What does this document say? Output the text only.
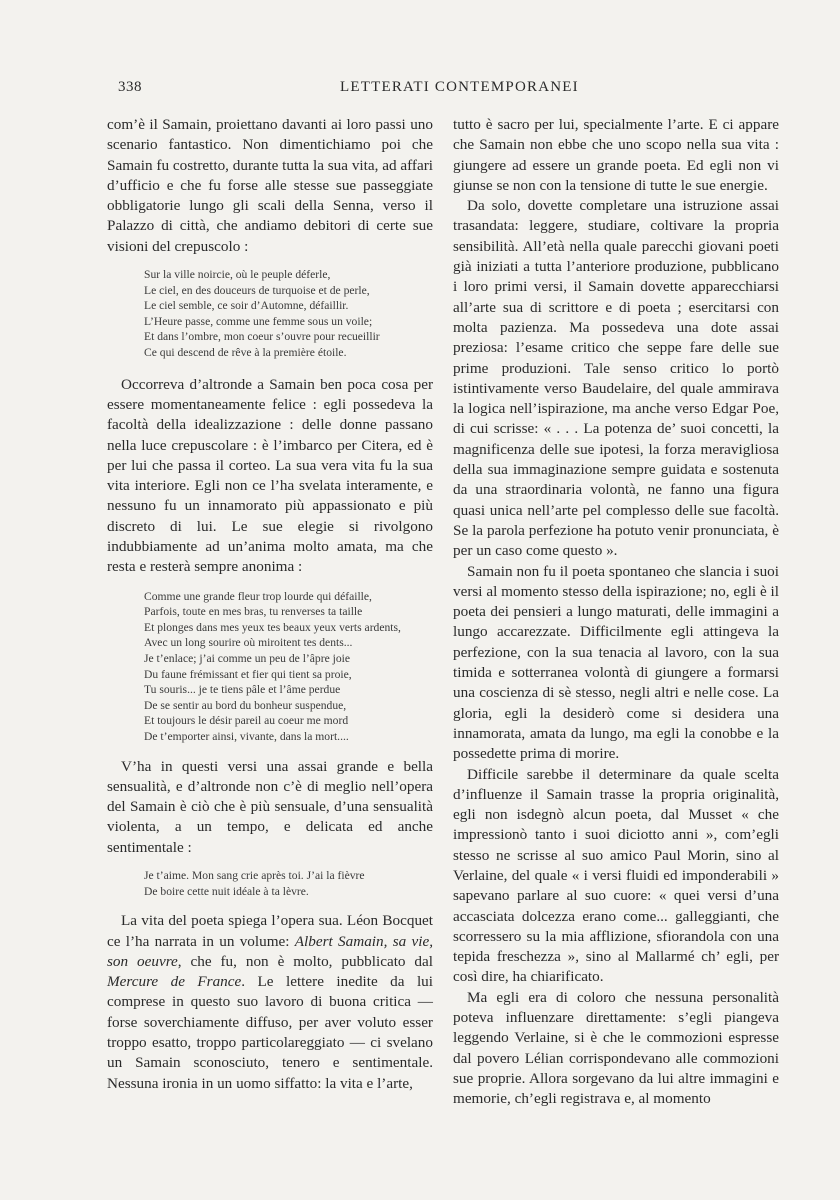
338	LETTERATI CONTEMPORANEI

com’è il Samain, proiettano davanti ai loro passi uno scenario fantastico. Non dimentichiamo poi che Samain fu costretto, durante tutta la sua vita, ad affari d’ufficio e che fu forse alle stesse sue passeggiate obbligatorie lungo gli scali della Senna, verso il Palazzo di città, che andiamo debitori di certe sue visioni del crepuscolo :

Sur la ville noircie, où le peuple déferle,
Le ciel, en des douceurs de turquoise et de perle,
Le ciel semble, ce soir d’Automne, défaillir.
L’Heure passe, comme une femme sous un voile;
Et dans l’ombre, mon coeur s’ouvre pour recueillir
Ce qui descend de rêve à la première étoile.

Occorreva d’altronde a Samain ben poca cosa per essere momentaneamente felice : egli possedeva la facoltà della idealizzazione : delle donne passano nella luce crepuscolare : è l’imbarco per Citera, ed è per lui che passa il corteo. La sua vera vita fu la sua vita interiore. Egli non ce l’ha svelata interamente, e nessuno fu un innamorato più appassionato e più discreto di lui. Le sue elegie si rivolgono indubbiamente ad un’anima molto amata, ma che resta e resterà sempre anonima :

Comme une grande fleur trop lourde qui défaille,
Parfois, toute en mes bras, tu renverses ta taille
Et plonges dans mes yeux tes beaux yeux verts ardents,
Avec un long sourire où miroitent tes dents...
Je t’enlace; j’ai comme un peu de l’âpre joie
Du faune frémissant et fier qui tient sa proie,
Tu souris... je te tiens pâle et l’âme perdue
De se sentir au bord du bonheur suspendue,
Et toujours le désir pareil au coeur me mord
De t’emporter ainsi, vivante, dans la mort....

V’ha in questi versi una assai grande e bella sensualità, e d’altronde non c’è di meglio nell’opera del Samain è ciò che è più sensuale, d’una sensualità violenta, a un tempo, e delicata ed anche sentimentale :

Je t’aime. Mon sang crie après toi. J’ai la fièvre
De boire cette nuit idéale à ta lèvre.

La vita del poeta spiega l’opera sua. Léon Bocquet ce l’ha narrata in un volume: Albert Samain, sa vie, son oeuvre, che fu, non è molto, pubblicato dal Mercure de France. Le lettere inedite da lui comprese in questo suo lavoro di buona critica — forse soverchiamente diffuso, per aver voluto esser troppo esatto, troppo particolareggiato — ci svelano un Samain sconosciuto, tenero e sentimentale. Nessuna ironia in un uomo siffatto: la vita e l’arte,

tutto è sacro per lui, specialmente l’arte. E ci appare che Samain non ebbe che uno scopo nella sua vita : giungere ad essere un grande poeta. Ed egli non vi giunse se non con la tensione di tutte le sue energie.

Da solo, dovette completare una istruzione assai trasandata: leggere, studiare, coltivare la propria sensibilità. All’età nella quale parecchi giovani poeti già iniziati a tutta l’anteriore produzione, pubblicano i loro primi versi, il Samain dovette apparecchiarsi all’arte sua di scrittore e di poeta ; esercitarsi con molta pazienza. Ma possedeva una dote assai preziosa: l’esame critico che seppe fare delle sue prime produzioni. Tale senso critico lo portò istintivamente verso Baudelaire, del quale ammirava la logica nell’ispirazione, ma anche verso Edgar Poe, di cui scrisse: « . . . La potenza de’ suoi concetti, la magnificenza delle sue ipotesi, la forza meravigliosa della sua immaginazione sempre guidata e sostenuta da una straordinaria volontà, ne fanno una figura quasi unica nell’arte pel complesso delle sue facoltà. Se la parola perfezione ha potuto venir pronunciata, è per un caso come questo ».

Samain non fu il poeta spontaneo che slancia i suoi versi al momento stesso della ispirazione; no, egli è il poeta dei pensieri a lungo maturati, delle immagini a lungo accarezzate. Difficilmente egli attingeva la perfezione, con la sua tenacia al lavoro, con la sua timida e sotterranea volontà di giungere a formarsi una coscienza di sè stesso, negli altri e nelle cose. La gloria, egli la desiderò come si desidera una innamorata, amata da lungo, ma egli la conobbe e la possedette prima di morire.

Difficile sarebbe il determinare da quale scelta d’influenze il Samain trasse la propria originalità, egli non isdegnò alcun poeta, dal Musset « che impressionò tanto i suoi diciotto anni », com’egli stesso ne scrisse al suo amico Paul Morin, sino al Verlaine, del quale « i versi fluidi ed imponderabili » sapevano parlare al suo cuore: « quei versi d’una accasciata dolcezza erano come... galleggianti, che scorressero su la mia afflizione, sfiorandola con una tepida freschezza », sino al Mallarmé ch’ egli, per così dire, ha chiarificato.

Ma egli era di coloro che nessuna personalità poteva influenzare direttamente: s’egli piangeva leggendo Verlaine, si è che le commozioni espresse dal povero Lélian corrispondevano alle commozioni sue proprie. Allora sorgevano da lui altre immagini e memorie, ch’egli registrava e, al momento
